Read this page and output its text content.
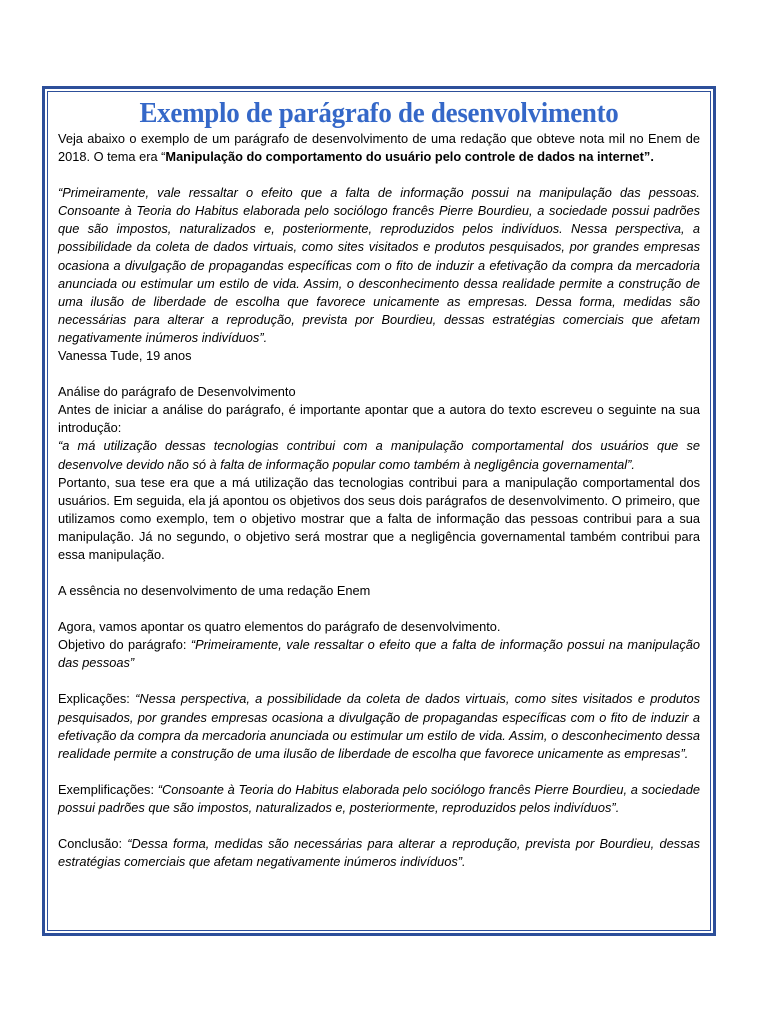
Exemplo de parágrafo de desenvolvimento

Veja abaixo o exemplo de um parágrafo de desenvolvimento de uma redação que obteve nota mil no Enem de 2018. O tema era “Manipulação do comportamento do usuário pelo controle de dados na internet”.

“Primeiramente, vale ressaltar o efeito que a falta de informação possui na manipulação das pessoas. Consoante à Teoria do Habitus elaborada pelo sociólogo francês Pierre Bourdieu, a sociedade possui padrões que são impostos, naturalizados e, posteriormente, reproduzidos pelos indivíduos. Nessa perspectiva, a possibilidade da coleta de dados virtuais, como sites visitados e produtos pesquisados, por grandes empresas ocasiona a divulgação de propagandas específicas com o fito de induzir a efetivação da compra da mercadoria anunciada ou estimular um estilo de vida. Assim, o desconhecimento dessa realidade permite a construção de uma ilusão de liberdade de escolha que favorece unicamente as empresas. Dessa forma, medidas são necessárias para alterar a reprodução, prevista por Bourdieu, dessas estratégias comerciais que afetam negativamente inúmeros indivíduos”.

Vanessa Tude, 19 anos

Análise do parágrafo de Desenvolvimento

Antes de iniciar a análise do parágrafo, é importante apontar que a autora do texto escreveu o seguinte na sua introdução:

“a má utilização dessas tecnologias contribui com a manipulação comportamental dos usuários que se desenvolve devido não só à falta de informação popular como também à negligência governamental”.

Portanto, sua tese era que a má utilização das tecnologias contribui para a manipulação comportamental dos usuários. Em seguida, ela já apontou os objetivos dos seus dois parágrafos de desenvolvimento. O primeiro, que utilizamos como exemplo, tem o objetivo mostrar que a falta de informação das pessoas contribui para a sua manipulação. Já no segundo, o objetivo será mostrar que a negligência governamental também contribui para essa manipulação.

A essência no desenvolvimento de uma redação Enem

Agora, vamos apontar os quatro elementos do parágrafo de desenvolvimento.

Objetivo do parágrafo: “Primeiramente, vale ressaltar o efeito que a falta de informação possui na manipulação das pessoas”

Explicações: “Nessa perspectiva, a possibilidade da coleta de dados virtuais, como sites visitados e produtos pesquisados, por grandes empresas ocasiona a divulgação de propagandas específicas com o fito de induzir a efetivação da compra da mercadoria anunciada ou estimular um estilo de vida. Assim, o desconhecimento dessa realidade permite a construção de uma ilusão de liberdade de escolha que favorece unicamente as empresas”.

Exemplificações: “Consoante à Teoria do Habitus elaborada pelo sociólogo francês Pierre Bourdieu, a sociedade possui padrões que são impostos, naturalizados e, posteriormente, reproduzidos pelos indivíduos”.

Conclusão: “Dessa forma, medidas são necessárias para alterar a reprodução, prevista por Bourdieu, dessas estratégias comerciais que afetam negativamente inúmeros indivíduos”.
